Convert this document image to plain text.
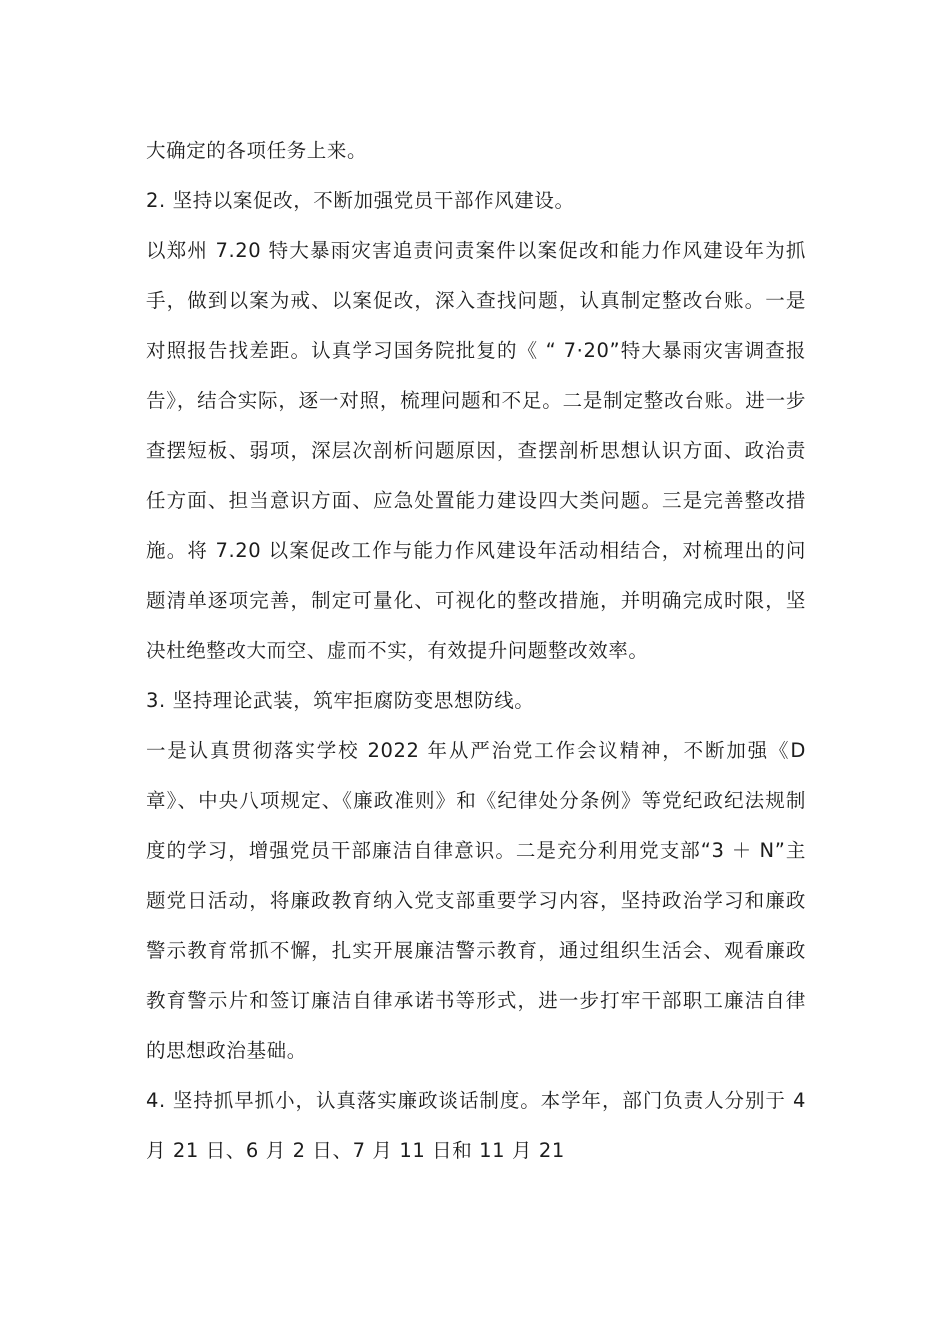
大确定的各项任务上来。

2. 坚持以案促改，不断加强党员干部作风建设。

以郑州 7.20 特大暴雨灾害追责问责案件以案促改和能力作风建设年为抓手，做到以案为戒、以案促改，深入查找问题，认真制定整改台账。一是对照报告找差距。认真学习国务院批复的《 “ 7·20”特大暴雨灾害调查报告》，结合实际，逐一对照，梳理问题和不足。二是制定整改台账。进一步查摆短板、弱项，深层次剖析问题原因，查摆剖析思想认识方面、政治责任方面、担当意识方面、应急处置能力建设四大类问题。三是完善整改措施。将 7.20 以案促改工作与能力作风建设年活动相结合，对梳理出的问题清单逐项完善，制定可量化、可视化的整改措施，并明确完成时限，坚决杜绝整改大而空、虚而不实，有效提升问题整改效率。

3. 坚持理论武装，筑牢拒腐防变思想防线。

一是认真贯彻落实学校 2022 年从严治党工作会议精神，不断加强《D 章》、中央八项规定、《廉政准则》和《纪律处分条例》等党纪政纪法规制度的学习，增强党员干部廉洁自律意识。二是充分利用党支部“3 ＋ N”主题党日活动，将廉政教育纳入党支部重要学习内容，坚持政治学习和廉政警示教育常抓不懈，扎实开展廉洁警示教育，通过组织生活会、观看廉政教育警示片和签订廉洁自律承诺书等形式，进一步打牢干部职工廉洁自律的思想政治基础。

4. 坚持抓早抓小，认真落实廉政谈话制度。本学年，部门负责人分别于 4 月 21 日、6 月 2 日、7 月 11 日和 11 月 21
